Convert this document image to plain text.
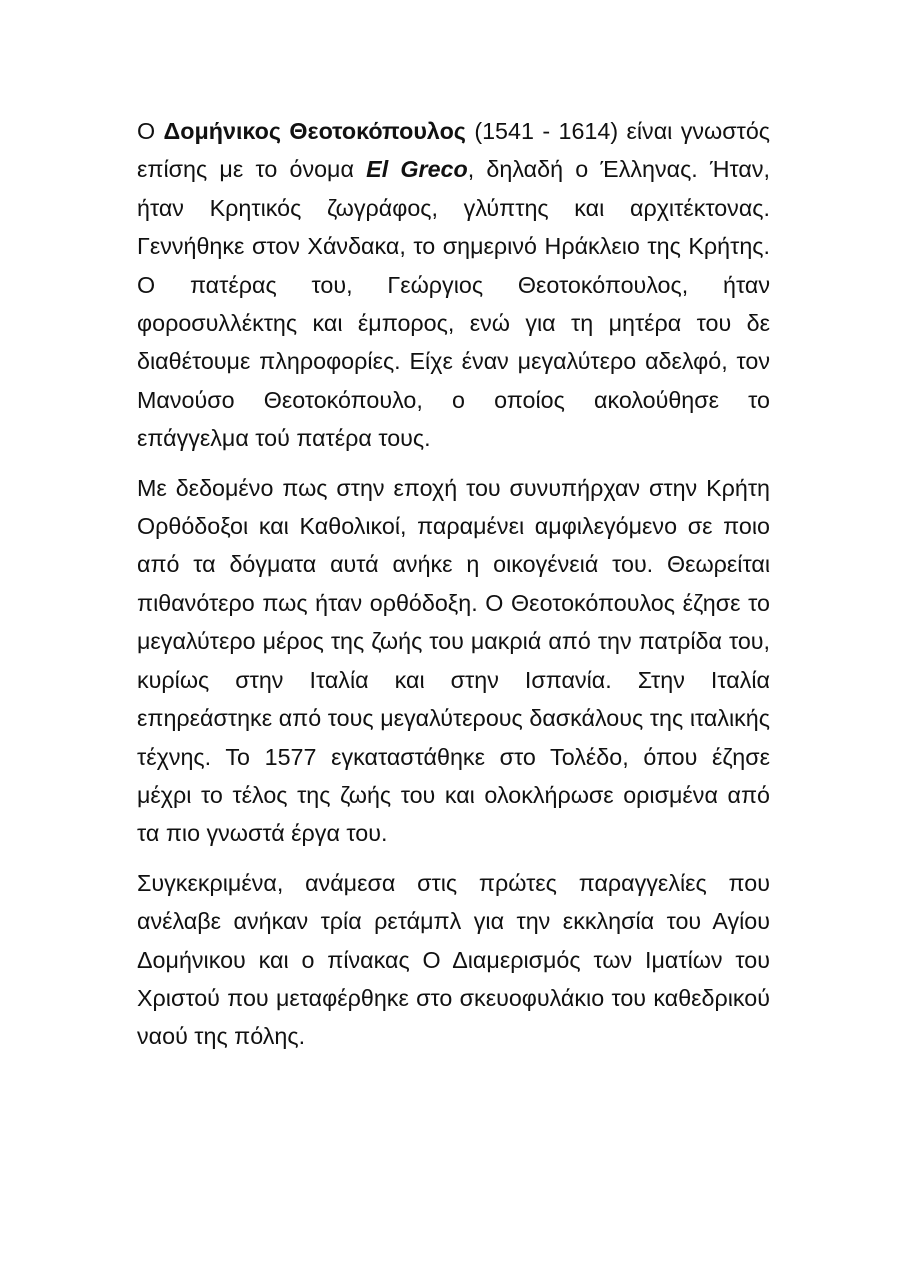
Ο Δομήνικος Θεοτοκόπουλος (1541 - 1614) είναι γνωστός επίσης με το όνομα El Greco, δηλαδή ο Έλληνας. Ήταν, ήταν Κρητικός ζωγράφος, γλύπτης και αρχιτέκτονας. Γεννήθηκε στον Χάνδακα, το σημερινό Ηράκλειο της Κρήτης. Ο πατέρας του, Γεώργιος Θεοτοκόπουλος, ήταν φοροσυλλέκτης και έμπορος, ενώ για τη μητέρα του δε διαθέτουμε πληροφορίες. Είχε έναν μεγαλύτερο αδελφό, τον Μανούσο Θεοτοκόπουλο, ο οποίος ακολούθησε το επάγγελμα τού πατέρα τους.

Με δεδομένο πως στην εποχή του συνυπήρχαν στην Κρήτη Ορθόδοξοι και Καθολικοί, παραμένει αμφιλεγόμενο σε ποιο από τα δόγματα αυτά ανήκε η οικογένειά του. Θεωρείται πιθανότερο πως ήταν ορθόδοξη. Ο Θεοτοκόπουλος έζησε το μεγαλύτερο μέρος της ζωής του μακριά από την πατρίδα του, κυρίως στην Ιταλία και στην Ισπανία. Στην Ιταλία επηρεάστηκε από τους μεγαλύτερους δασκάλους της ιταλικής τέχνης. Το 1577 εγκαταστάθηκε στο Τολέδο, όπου έζησε μέχρι το τέλος της ζωής του και ολοκλήρωσε ορισμένα από τα πιο γνωστά έργα του.

Συγκεκριμένα, ανάμεσα στις πρώτες παραγγελίες που ανέλαβε ανήκαν τρία ρετάμπλ για την εκκλησία του Αγίου Δομήνικου και ο πίνακας Ο Διαμερισμός των Ιματίων του Χριστού που μεταφέρθηκε στο σκευοφυλάκιο του καθεδρικού ναού της πόλης.
